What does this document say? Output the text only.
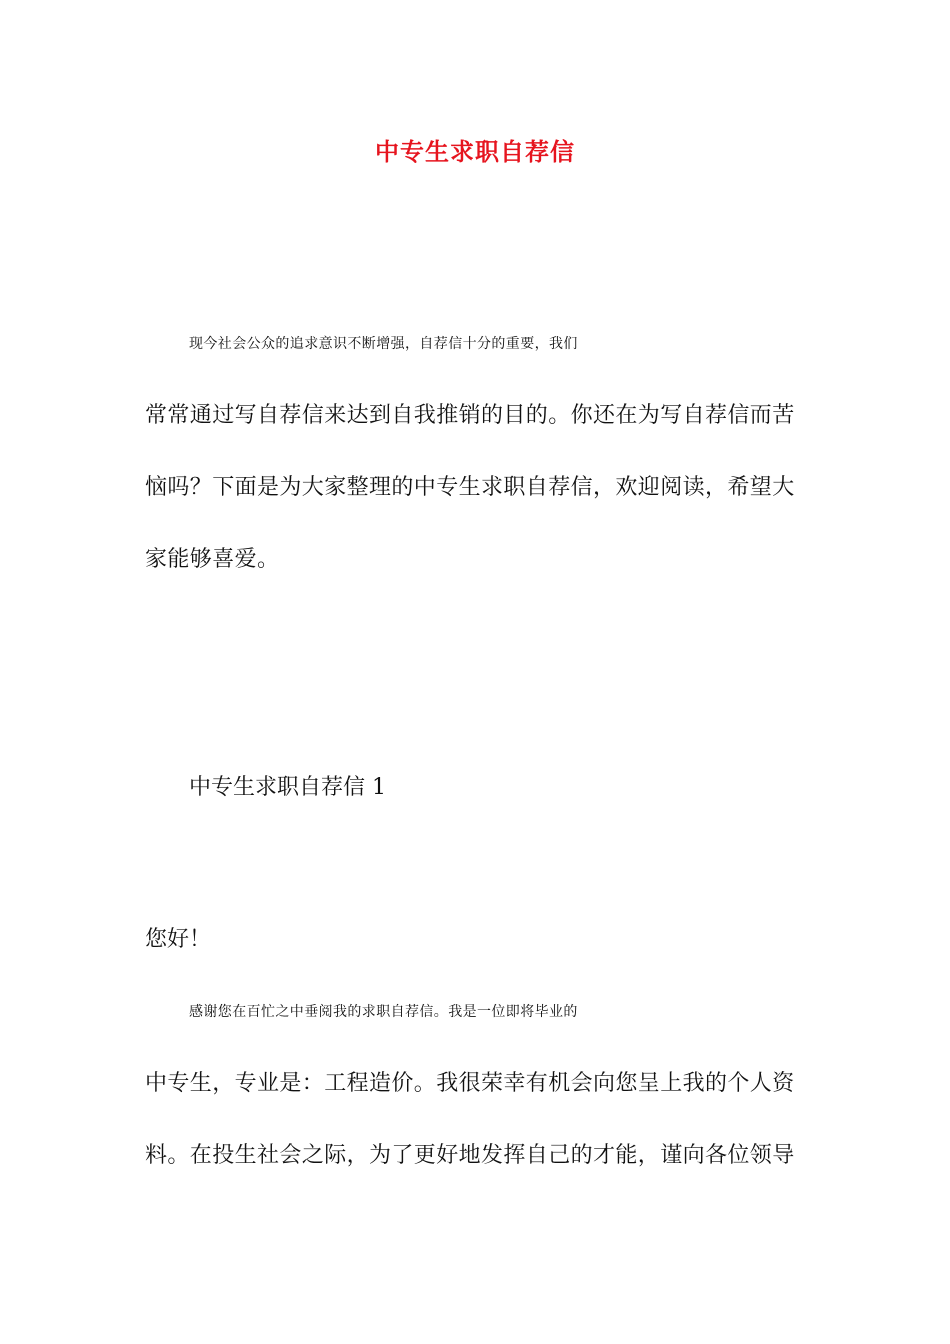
中专生求职自荐信
现今社会公众的追求意识不断增强，自荐信十分的重要，我们
常常通过写自荐信来达到自我推销的目的。你还在为写自荐信而苦
恼吗？下面是为大家整理的中专生求职自荐信，欢迎阅读，希望大
家能够喜爱。
中专生求职自荐信 1
您好！
感谢您在百忙之中垂阅我的求职自荐信。我是一位即将毕业的
中专生，专业是：工程造价。我很荣幸有机会向您呈上我的个人资
料。在投生社会之际，为了更好地发挥自己的才能，谨向各位领导
